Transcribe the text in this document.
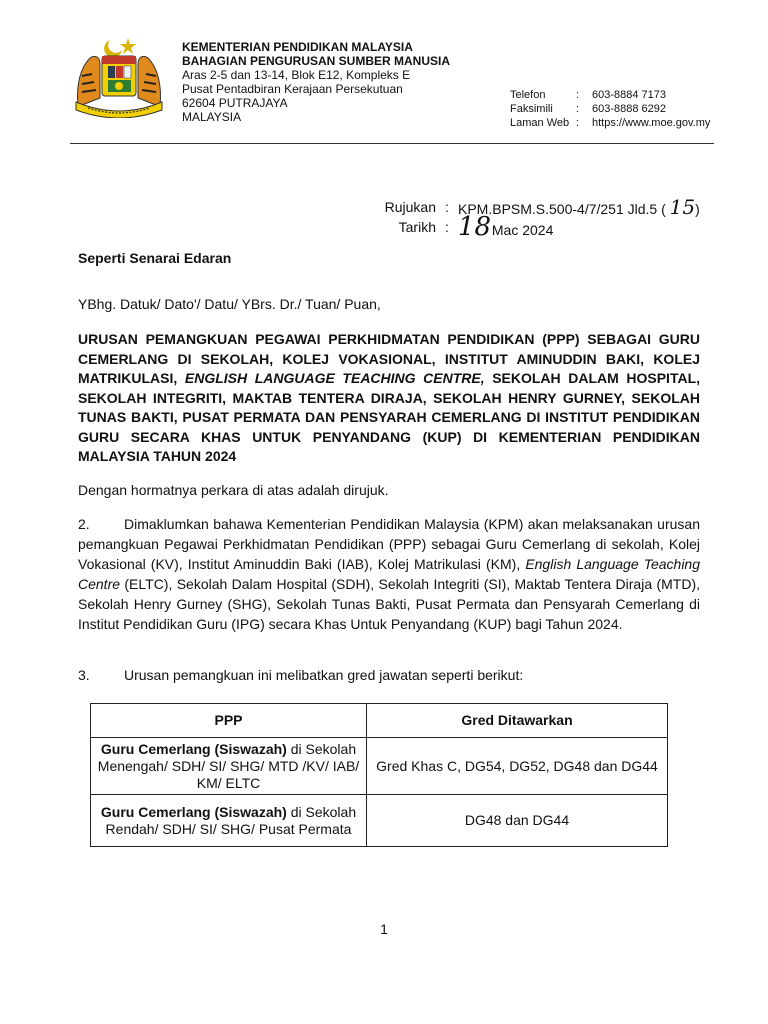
KEMENTERIAN PENDIDIKAN MALAYSIA
BAHAGIAN PENGURUSAN SUMBER MANUSIA
Aras 2-5 dan 13-14, Blok E12, Kompleks E
Pusat Pentadbiran Kerajaan Persekutuan
62604 PUTRAJAYA
MALAYSIA
Telefon	:	603-8884 7173
Faksimili	:	603-8888 6292
Laman Web :	https://www.moe.gov.my
Rujukan : KPM.BPSM.S.500-4/7/251 Jld.5 ( 15)
Tarikh : 18 Mac 2024
Seperti Senarai Edaran
YBhg. Datuk/ Dato'/ Datu/ YBrs. Dr./ Tuan/ Puan,
URUSAN PEMANGKUAN PEGAWAI PERKHIDMATAN PENDIDIKAN (PPP) SEBAGAI GURU CEMERLANG DI SEKOLAH, KOLEJ VOKASIONAL, INSTITUT AMINUDDIN BAKI, KOLEJ MATRIKULASI, ENGLISH LANGUAGE TEACHING CENTRE, SEKOLAH DALAM HOSPITAL, SEKOLAH INTEGRITI, MAKTAB TENTERA DIRAJA, SEKOLAH HENRY GURNEY, SEKOLAH TUNAS BAKTI, PUSAT PERMATA DAN PENSYARAH CEMERLANG DI INSTITUT PENDIDIKAN GURU SECARA KHAS UNTUK PENYANDANG (KUP) DI KEMENTERIAN PENDIDIKAN MALAYSIA TAHUN 2024
Dengan hormatnya perkara di atas adalah dirujuk.
2. Dimaklumkan bahawa Kementerian Pendidikan Malaysia (KPM) akan melaksanakan urusan pemangkuan Pegawai Perkhidmatan Pendidikan (PPP) sebagai Guru Cemerlang di sekolah, Kolej Vokasional (KV), Institut Aminuddin Baki (IAB), Kolej Matrikulasi (KM), English Language Teaching Centre (ELTC), Sekolah Dalam Hospital (SDH), Sekolah Integriti (SI), Maktab Tentera Diraja (MTD), Sekolah Henry Gurney (SHG), Sekolah Tunas Bakti, Pusat Permata dan Pensyarah Cemerlang di Institut Pendidikan Guru (IPG) secara Khas Untuk Penyandang (KUP) bagi Tahun 2024.
3. Urusan pemangkuan ini melibatkan gred jawatan seperti berikut:
PPP	Gred Ditawarkan
Guru Cemerlang (Siswazah) di Sekolah Menengah/ SDH/ SI/ SHG/ MTD /KV/ IAB/ KM/ ELTC	Gred Khas C, DG54, DG52, DG48 dan DG44
Guru Cemerlang (Siswazah) di Sekolah Rendah/ SDH/ SI/ SHG/ Pusat Permata	DG48 dan DG44
1
